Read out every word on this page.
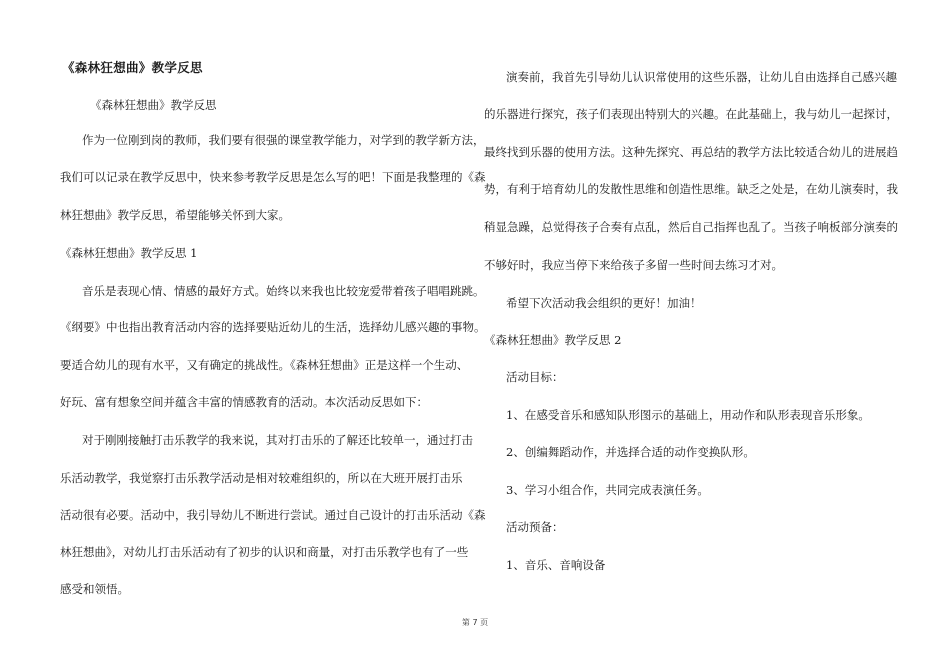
《森林狂想曲》教学反思
《森林狂想曲》教学反思
作为一位刚到岗的教师，我们要有很强的课堂教学能力，对学到的教学新方法，
我们可以记录在教学反思中，快来参考教学反思是怎么写的吧！下面是我整理的《森
林狂想曲》教学反思，希望能够关怀到大家。
《森林狂想曲》教学反思 1
音乐是表现心情、情感的最好方式。始终以来我也比较宠爱带着孩子唱唱跳跳。
《纲要》中也指出教育活动内容的选择要贴近幼儿的生活，选择幼儿感兴趣的事物。
要适合幼儿的现有水平，又有确定的挑战性。《森林狂想曲》正是这样一个生动、
好玩、富有想象空间并蕴含丰富的情感教育的活动。本次活动反思如下：
对于刚刚接触打击乐教学的我来说，其对打击乐的了解还比较单一，通过打击
乐活动教学，我觉察打击乐教学活动是相对较难组织的，所以在大班开展打击乐
活动很有必要。活动中，我引导幼儿不断进行尝试。通过自己设计的打击乐活动《森
林狂想曲》，对幼儿打击乐活动有了初步的认识和商量，对打击乐教学也有了一些
感受和领悟。
演奏前，我首先引导幼儿认识常使用的这些乐器，让幼儿自由选择自己感兴趣
的乐器进行探究，孩子们表现出特别大的兴趣。在此基础上，我与幼儿一起探讨，
最终找到乐器的使用方法。这种先探究、再总结的教学方法比较适合幼儿的进展趋
势，有利于培育幼儿的发散性思维和创造性思维。缺乏之处是，在幼儿演奏时，我
稍显急躁，总觉得孩子合奏有点乱，然后自己指挥也乱了。当孩子响板部分演奏的
不够好时，我应当停下来给孩子多留一些时间去练习才对。
希望下次活动我会组织的更好！加油！
《森林狂想曲》教学反思 2
活动目标：
1、在感受音乐和感知队形图示的基础上，用动作和队形表现音乐形象。
2、创编舞蹈动作，并选择合适的动作变换队形。
3、学习小组合作，共同完成表演任务。
活动预备：
1、音乐、音响设备
第 7 页
